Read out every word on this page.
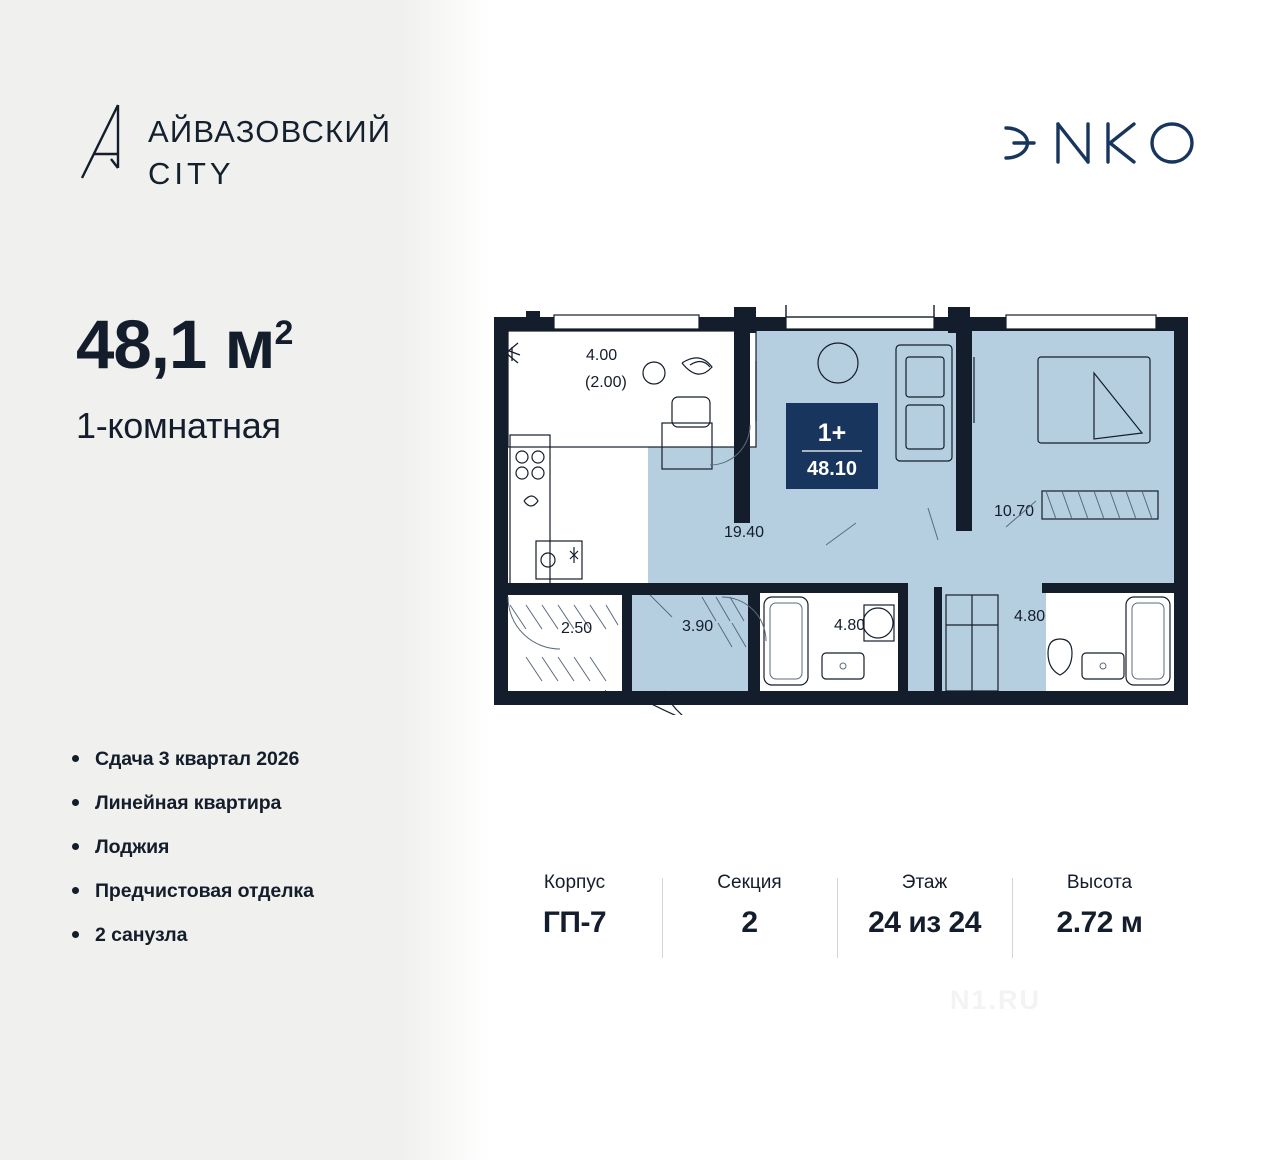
АЙВАЗОВСКИЙ
CITY
48,1 $м^2$
1-комнатная
Сдача 3 квартал 2026
Линейная квартира
Лоджия
Предчистовая отделка
2 санузла
1+
48.10
4.00
(2.00)
19.40
10.70
4.80
4.80
3.90
2.50
Корпус
ГП-7
Секция
2
Этаж
24 из 24
Высота
2.72 м
N1.RU
